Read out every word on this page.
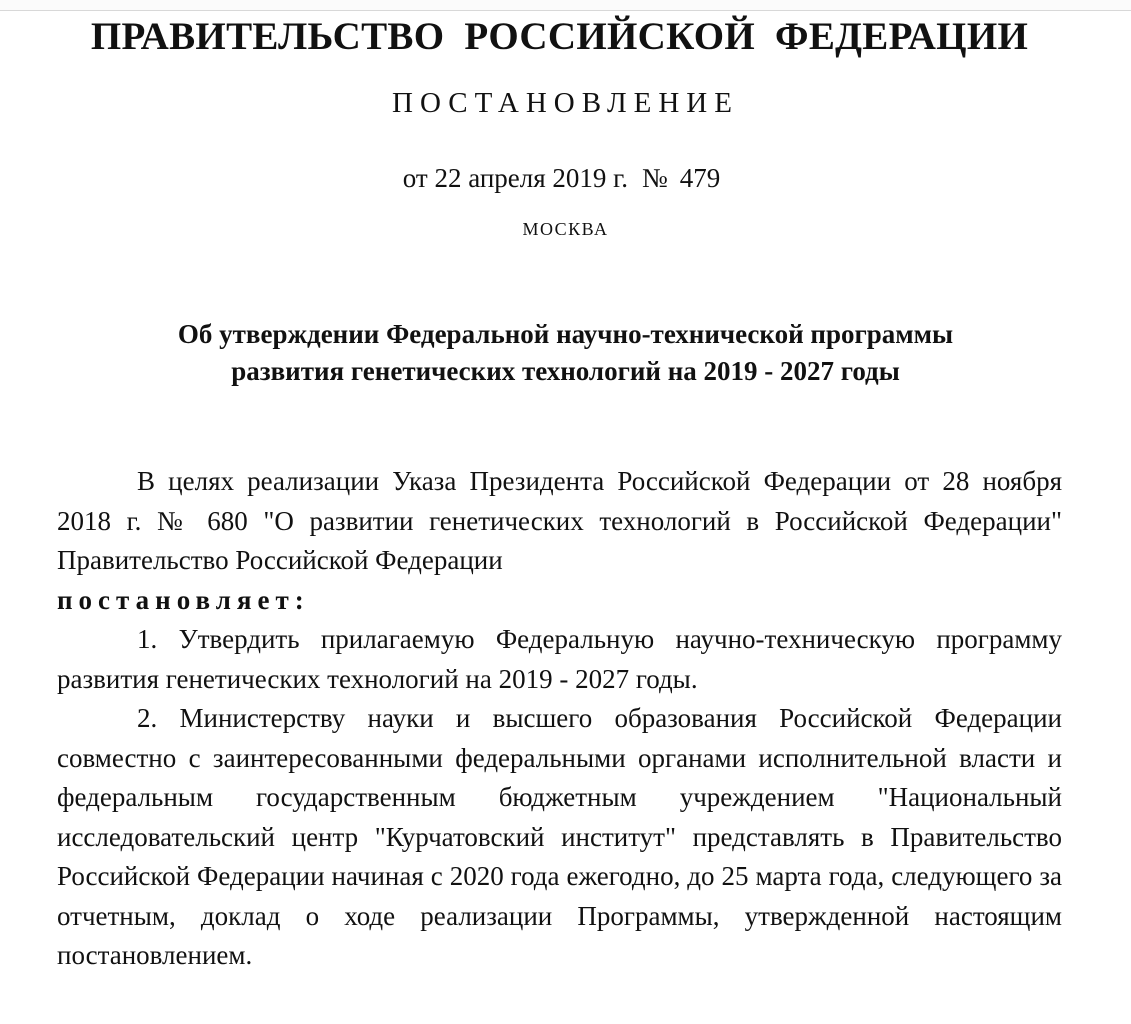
ПРАВИТЕЛЬСТВО РОССИЙСКОЙ ФЕДЕРАЦИИ
ПОСТАНОВЛЕНИЕ
от 22 апреля 2019 г. № 479
МОСКВА
Об утверждении Федеральной научно-технической программы
развития генетических технологий на 2019 - 2027 годы

В целях реализации Указа Президента Российской Федерации от 28 ноября 2018 г. № 680 "О развитии генетических технологий в Российской Федерации" Правительство Российской Федерации

постановляет:

1. Утвердить прилагаемую Федеральную научно-техническую программу развития генетических технологий на 2019 - 2027 годы.

2. Министерству науки и высшего образования Российской Федерации совместно с заинтересованными федеральными органами исполнительной власти и федеральным государственным бюджетным учреждением "Национальный исследовательский центр "Курчатовский институт" представлять в Правительство Российской Федерации начиная с 2020 года ежегодно, до 25 марта года, следующего за отчетным, доклад о ходе реализации Программы, утвержденной настоящим постановлением.
